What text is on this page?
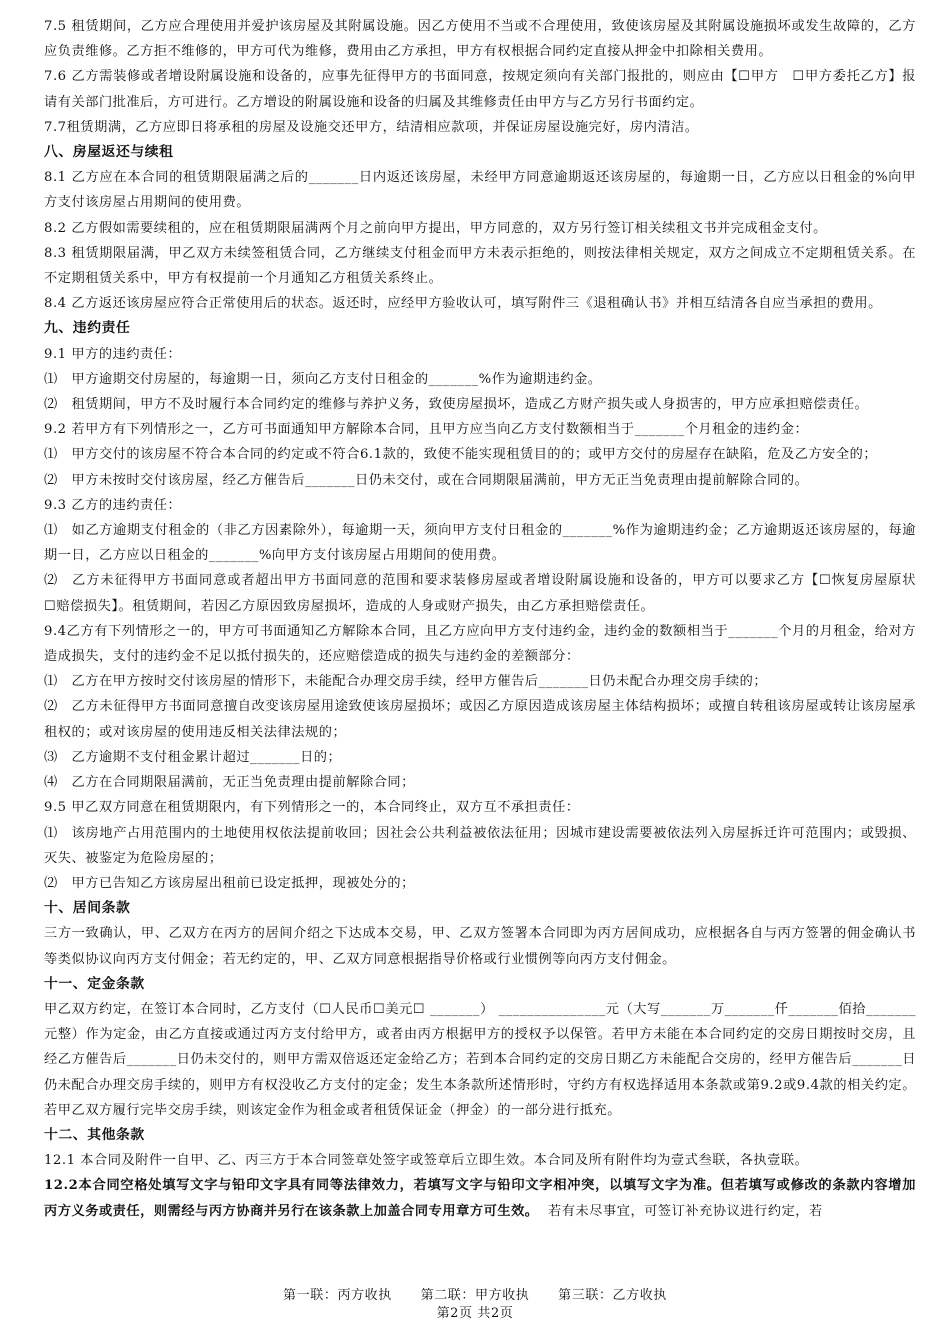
7.5 租赁期间，乙方应合理使用并爱护该房屋及其附属设施。因乙方使用不当或不合理使用，致使该房屋及其附属设施损坏或发生故障的，乙方应负责维修。乙方拒不维修的，甲方可代为维修，费用由乙方承担，甲方有权根据合同约定直接从押金中扣除相关费用。

7.6 乙方需装修或者增设附属设施和设备的，应事先征得甲方的书面同意，按规定须向有关部门报批的，则应由【☐甲方　☐甲方委托乙方】报请有关部门批准后，方可进行。乙方增设的附属设施和设备的归属及其维修责任由甲方与乙方另行书面约定。

7.7租赁期满，乙方应即日将承租的房屋及设施交还甲方，结清相应款项，并保证房屋设施完好，房内清洁。

八、房屋返还与续租

8.1 乙方应在本合同的租赁期限届满之后的_______日内返还该房屋，未经甲方同意逾期返还该房屋的，每逾期一日，乙方应以日租金的%向甲方支付该房屋占用期间的使用费。

8.2 乙方假如需要续租的，应在租赁期限届满两个月之前向甲方提出，甲方同意的，双方另行签订相关续租文书并完成租金支付。

8.3 租赁期限届满，甲乙双方未续签租赁合同，乙方继续支付租金而甲方未表示拒绝的，则按法律相关规定，双方之间成立不定期租赁关系。在不定期租赁关系中，甲方有权提前一个月通知乙方租赁关系终止。

8.4 乙方返还该房屋应符合正常使用后的状态。返还时，应经甲方验收认可，填写附件三《退租确认书》并相互结清各自应当承担的费用。

九、违约责任

9.1 甲方的违约责任：

⑴　甲方逾期交付房屋的，每逾期一日，须向乙方支付日租金的_______%作为逾期违约金。

⑵　租赁期间，甲方不及时履行本合同约定的维修与养护义务，致使房屋损坏，造成乙方财产损失或人身损害的，甲方应承担赔偿责任。

9.2 若甲方有下列情形之一，乙方可书面通知甲方解除本合同，且甲方应当向乙方支付数额相当于_______个月租金的违约金：

⑴　甲方交付的该房屋不符合本合同的约定或不符合6.1款的，致使不能实现租赁目的的；或甲方交付的房屋存在缺陷，危及乙方安全的；

⑵　甲方未按时交付该房屋，经乙方催告后_______日仍未交付，或在合同期限届满前，甲方无正当免责理由提前解除合同的。

9.3 乙方的违约责任：

⑴　如乙方逾期支付租金的（非乙方因素除外），每逾期一天，须向甲方支付日租金的_______%作为逾期违约金；乙方逾期返还该房屋的，每逾期一日，乙方应以日租金的_______%向甲方支付该房屋占用期间的使用费。

⑵　乙方未征得甲方书面同意或者超出甲方书面同意的范围和要求装修房屋或者增设附属设施和设备的，甲方可以要求乙方【☐恢复房屋原状　☐赔偿损失】。租赁期间，若因乙方原因致房屋损坏，造成的人身或财产损失，由乙方承担赔偿责任。

9.4乙方有下列情形之一的，甲方可书面通知乙方解除本合同，且乙方应向甲方支付违约金，违约金的数额相当于_______个月的月租金，给对方造成损失，支付的违约金不足以抵付损失的，还应赔偿造成的损失与违约金的差额部分：

⑴　乙方在甲方按时交付该房屋的情形下，未能配合办理交房手续，经甲方催告后_______日仍未配合办理交房手续的；

⑵　乙方未征得甲方书面同意擅自改变该房屋用途致使该房屋损坏；或因乙方原因造成该房屋主体结构损坏；或擅自转租该房屋或转让该房屋承租权的；或对该房屋的使用违反相关法律法规的；

⑶　乙方逾期不支付租金累计超过_______日的；

⑷　乙方在合同期限届满前，无正当免责理由提前解除合同；

9.5 甲乙双方同意在租赁期限内，有下列情形之一的，本合同终止，双方互不承担责任：

⑴　该房地产占用范围内的土地使用权依法提前收回；因社会公共利益被依法征用；因城市建设需要被依法列入房屋拆迁许可范围内；或毁损、灭失、被鉴定为危险房屋的；

⑵　甲方已告知乙方该房屋出租前已设定抵押，现被处分的；

十、居间条款

三方一致确认，甲、乙双方在丙方的居间介绍之下达成本交易，甲、乙双方签署本合同即为丙方居间成功，应根据各自与丙方签署的佣金确认书等类似协议向丙方支付佣金；若无约定的，甲、乙双方同意根据指导价格或行业惯例等向丙方支付佣金。

十一、定金条款

甲乙双方约定，在签订本合同时，乙方支付（☐人民币☐美元☐ _______） _______________元（大写_______万_______仟_______佰拾_______元整）作为定金，由乙方直接或通过丙方支付给甲方，或者由丙方根据甲方的授权予以保管。若甲方未能在本合同约定的交房日期按时交房，且经乙方催告后_______日仍未交付的，则甲方需双倍返还定金给乙方；若到本合同约定的交房日期乙方未能配合交房的，经甲方催告后_______日仍未配合办理交房手续的，则甲方有权没收乙方支付的定金；发生本条款所述情形时，守约方有权选择适用本条款或第9.2或9.4款的相关约定。若甲乙双方履行完毕交房手续，则该定金作为租金或者租赁保证金（押金）的一部分进行抵充。

十二、其他条款

12.1 本合同及附件一自甲、乙、丙三方于本合同签章处签字或签章后立即生效。本合同及所有附件均为壹式叁联，各执壹联。

12.2本合同空格处填写文字与铅印文字具有同等法律效力，若填写文字与铅印文字相冲突，以填写文字为准。但若填写或修改的条款内容增加丙方义务或责任，则需经与丙方协商并另行在该条款上加盖合同专用章方可生效。 若有未尽事宜，可签订补充协议进行约定，若

第一联：丙方收执 第二联：甲方收执 第三联：乙方收执
第2页 共2页
